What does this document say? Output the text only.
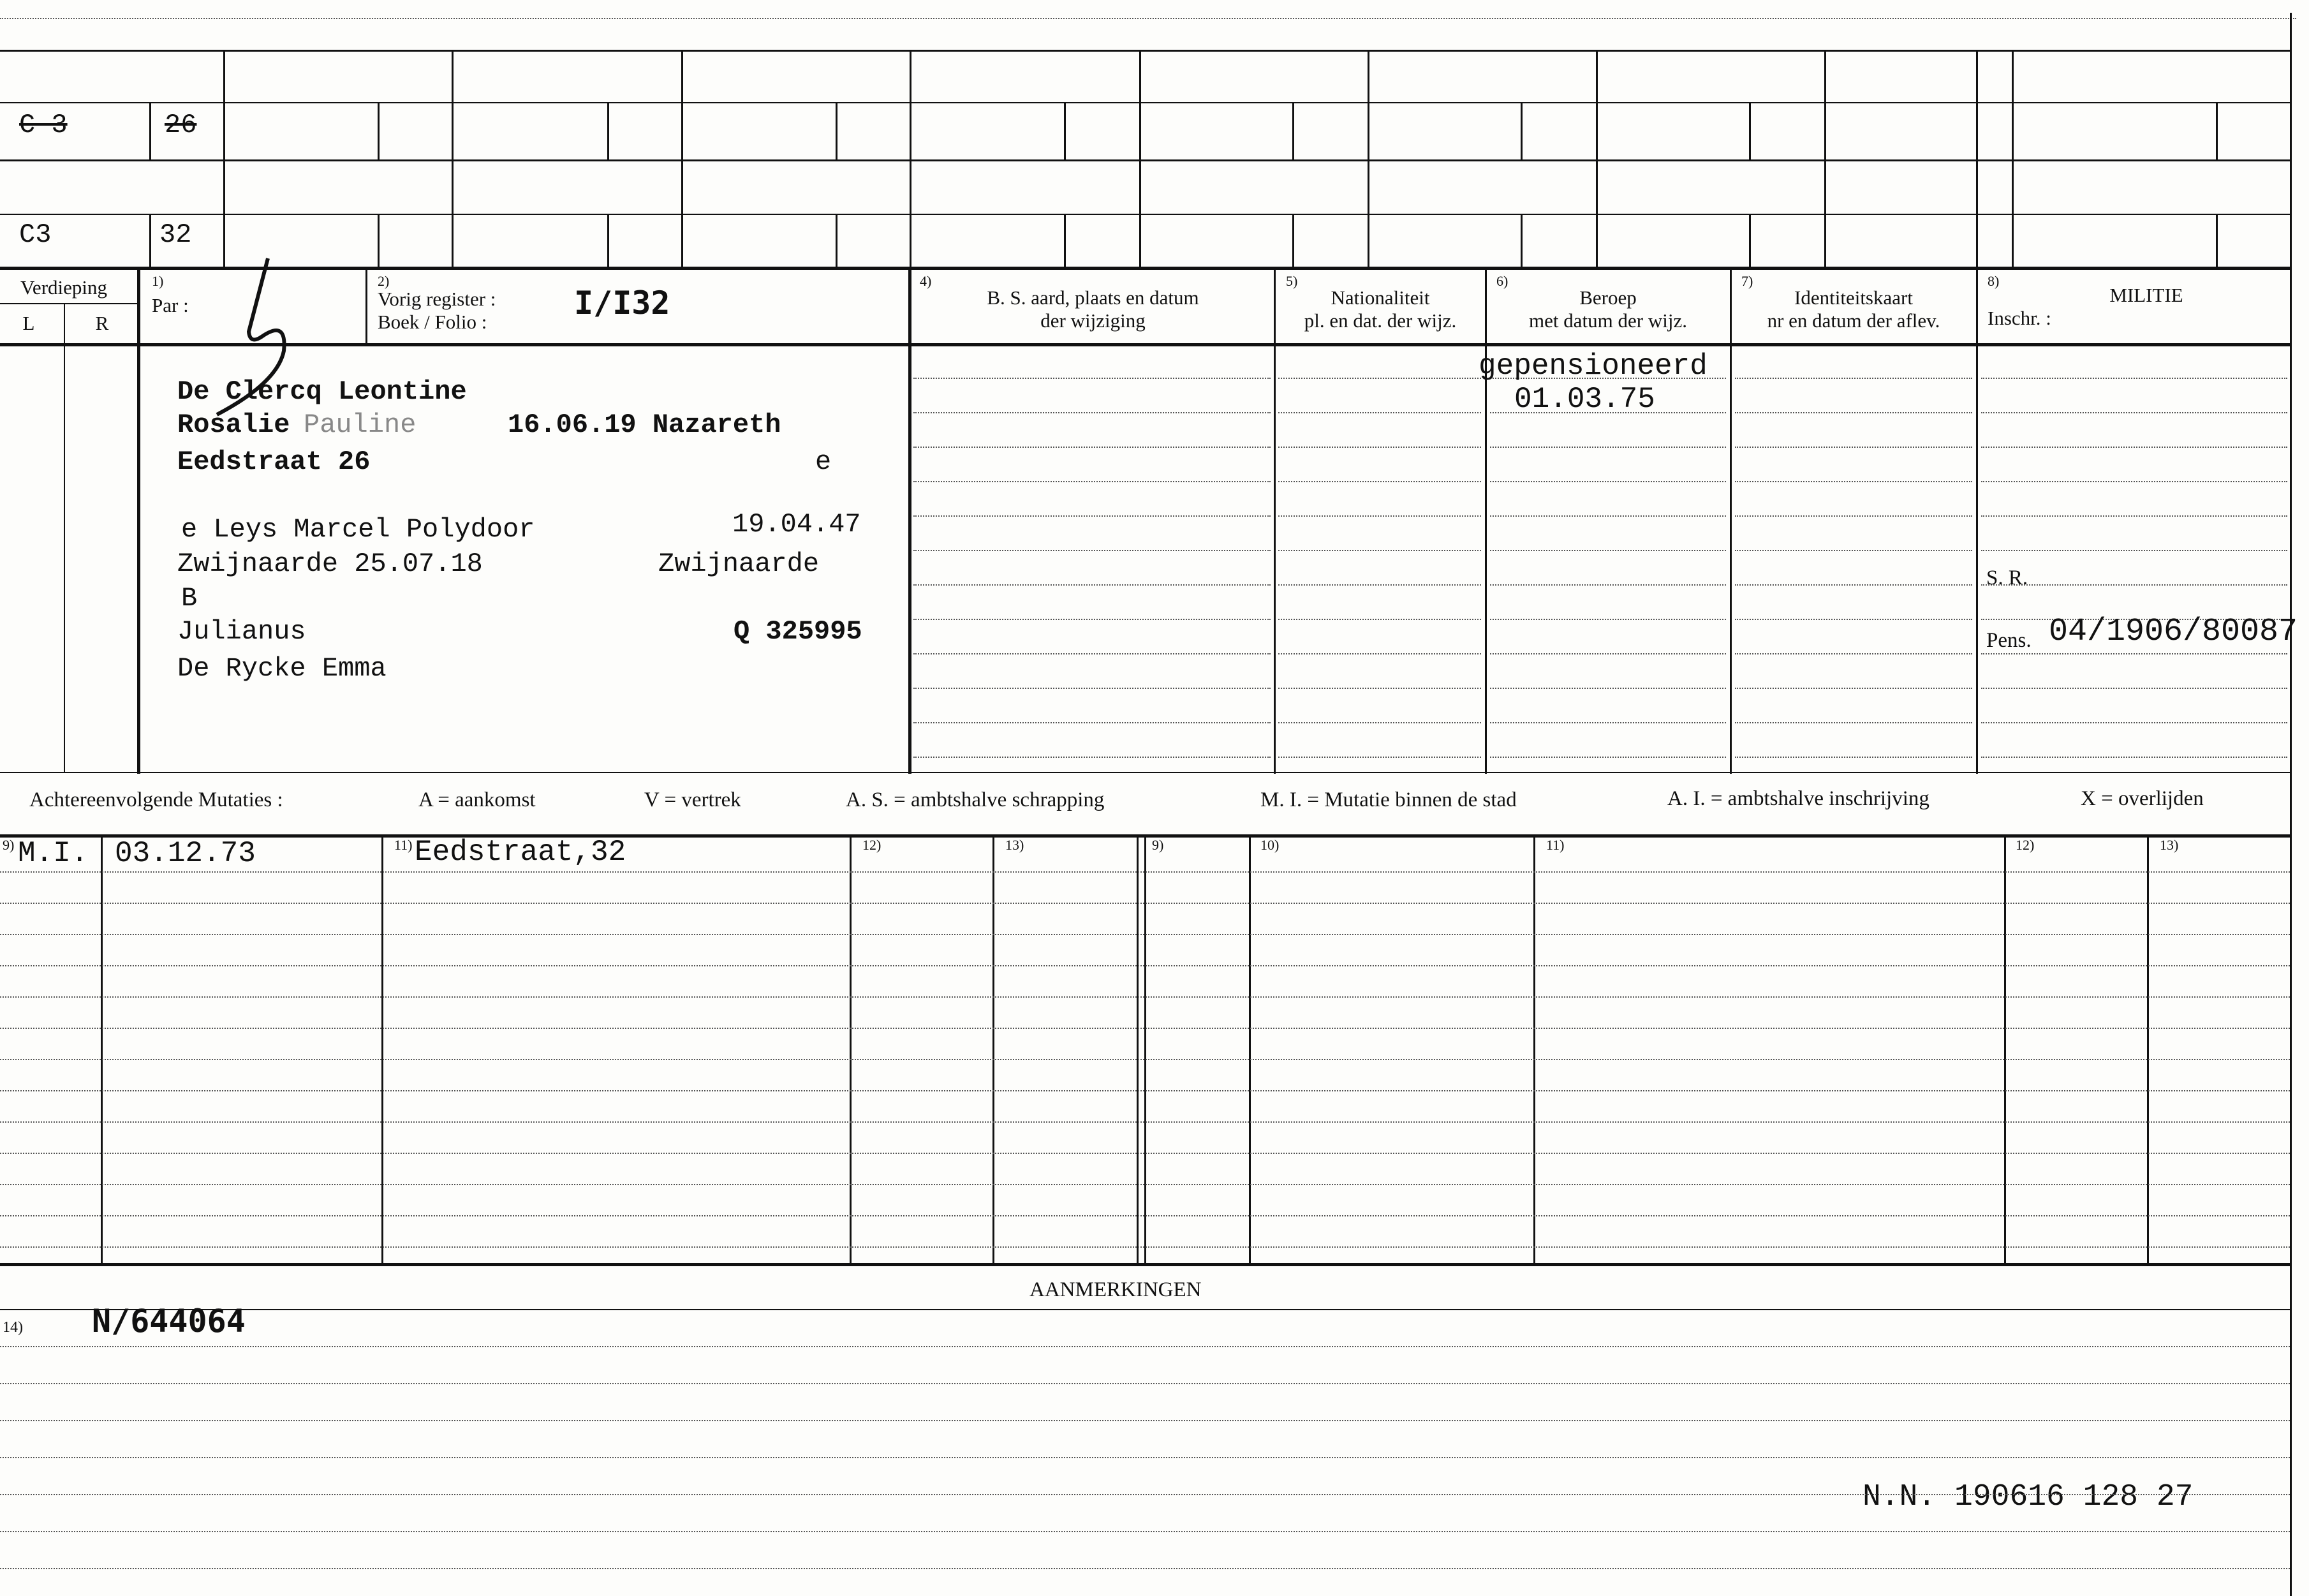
C 3	26
C3	32
Verdieping
L	R
1)
Par :
2)
Vorig register : I/I32
Boek / Folio :
4)
B. S. aard, plaats en datum
der wijziging
5)
Nationaliteit
pl. en dat. der wijz.
6)
Beroep
met datum der wijz.
7)
Identiteitskaart
nr en datum der aflev.
8)
MILITIE
Inschr. :
De Clercq Leontine
Rosalie Pauline	16.06.19 Nazareth
Eedstraat 26	e
e Leys Marcel Polydoor	19.04.47
Zwijnaarde 25.07.18	Zwijnaarde
B
Julianus	Q 325995
De Rycke Emma
gepensioneerd
01.03.75
S. R.
Pens. 04/1906/80087
Achtereenvolgende Mutaties :	A = aankomst	V = vertrek	A. S. = ambtshalve schrapping	M. I. = Mutatie binnen de stad	A. I. = ambtshalve inschrijving	X = overlijden
9)	11)	12)	13)	9)	10)	11)	12)	13)
M.I. 03.12.73	Eedstraat,32
AANMERKINGEN
14) N/644064
N.N. 190616 128 27
